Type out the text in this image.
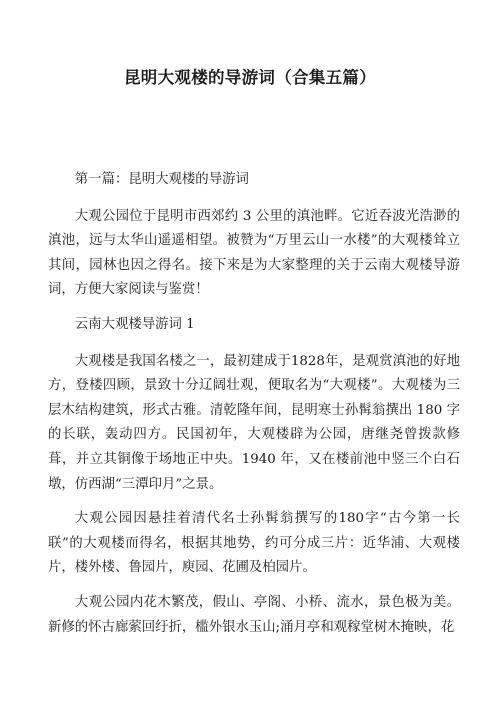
昆明大观楼的导游词（合集五篇）

第一篇：昆明大观楼的导游词

大观公园位于昆明市西郊约 3 公里的滇池畔。它近吞波光浩渺的滇池，远与太华山遥遥相望。被赞为“万里云山一水楼”的大观楼耸立其间，园林也因之得名。接下来是为大家整理的关于云南大观楼导游词，方便大家阅读与鉴赏！

云南大观楼导游词 1

大观楼是我国名楼之一，最初建成于1828年，是观赏滇池的好地方，登楼四顾，景致十分辽阔壮观，便取名为“大观楼”。大观楼为三层木结构建筑，形式古雅。清乾隆年间，昆明寒士孙髯翁撰出 180 字的长联，轰动四方。民国初年，大观楼辟为公园，唐继尧曾拨款修葺，并立其铜像于场地正中央。1940 年，又在楼前池中竖三个白石墩，仿西湖“三潭印月”之景。

大观公园因悬挂着清代名士孙髯翁撰写的180字“古今第一长联”的大观楼而得名，根据其地势，约可分成三片：近华浦、大观楼片，楼外楼、鲁园片，庾园、花圃及柏园片。

大观公园内花木繁茂，假山、亭阁、小桥、流水，景色极为美。新修的怀古廊萦回纡折，槛外银水玉山;涌月亭和观稼堂树木掩映，花
